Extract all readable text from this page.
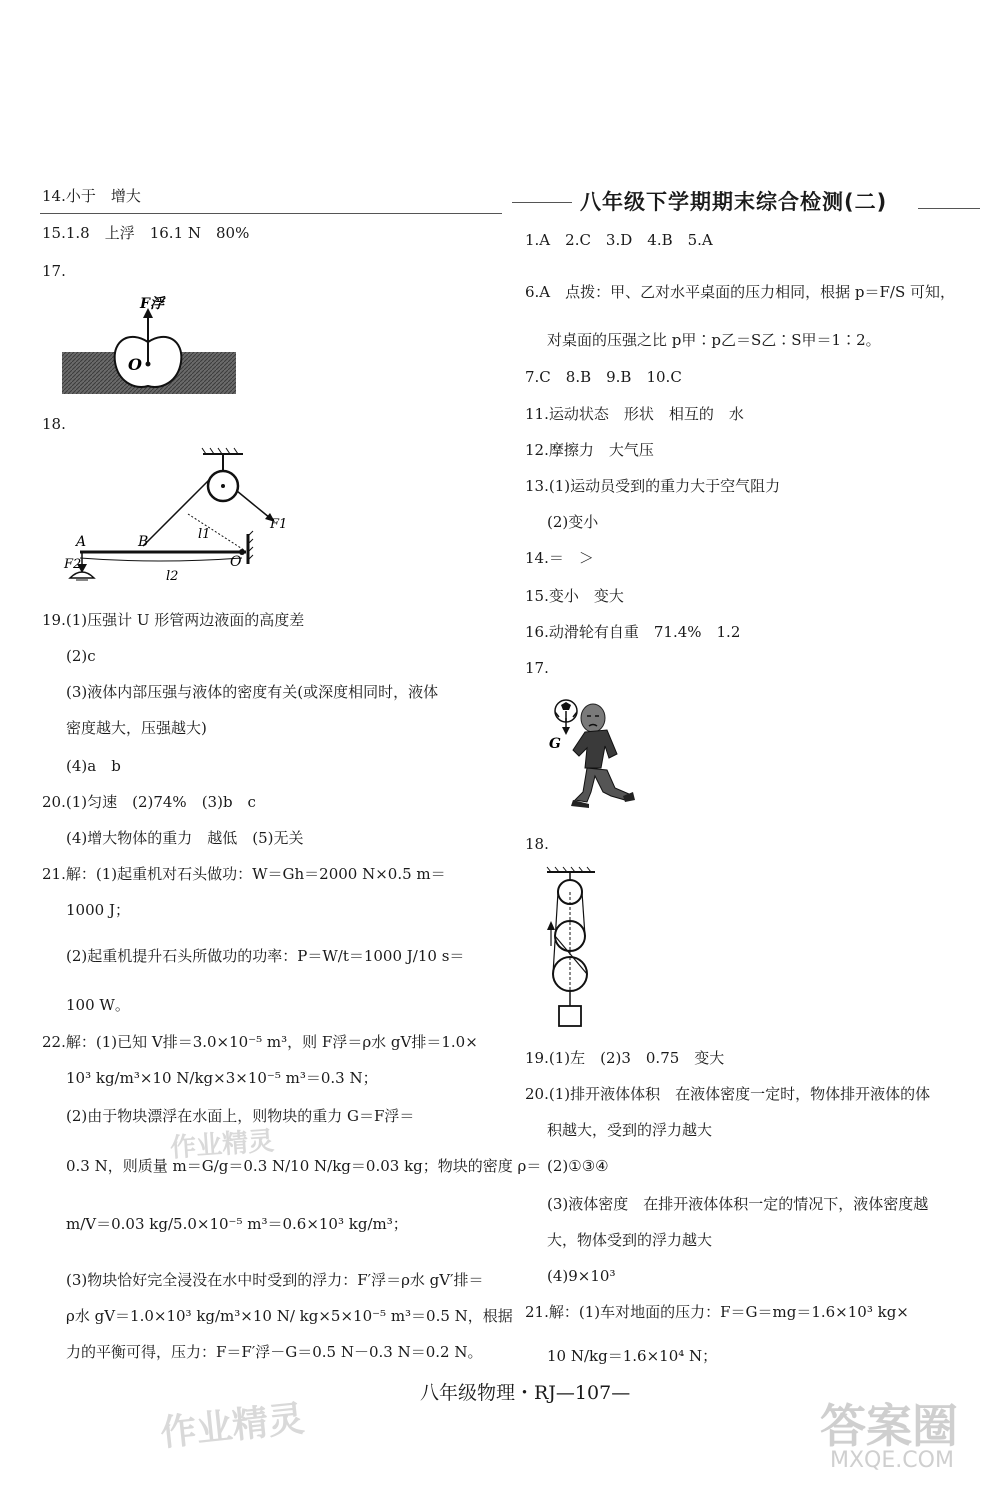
14.小于　增大
15.1.8　上浮　16.1 N　80%
17.
F浮
O
18.
A	B
O
F1
F2
l1
l2
19.(1)压强计 U 形管两边液面的高度差
(2)c
(3)液体内部压强与液体的密度有关(或深度相同时，液体
密度越大，压强越大)
(4)a　b
20.(1)匀速　(2)74%　(3)b　c
(4)增大物体的重力　越低　(5)无关
21.解：(1)起重机对石头做功：W＝Gh＝2000 N×0.5 m＝
1000 J；
(2)起重机提升石头所做功的功率：P＝W/t＝1000 J/10 s＝
100 W。
22.解：(1)已知 V排＝3.0×10⁻⁵ m³，则 F浮＝ρ水 gV排＝1.0×
10³ kg/m³×10 N/kg×3×10⁻⁵ m³＝0.3 N；
(2)由于物块漂浮在水面上，则物块的重力 G＝F浮＝
0.3 N，则质量 m＝G/g＝0.3 N/10 N/kg＝0.03 kg；物块的密度 ρ＝
m/V＝0.03 kg/5.0×10⁻⁵ m³＝0.6×10³ kg/m³；
(3)物块恰好完全浸没在水中时受到的浮力：F′浮＝ρ水 gV′排＝
ρ水 gV＝1.0×10³ kg/m³×10 N/ kg×5×10⁻⁵ m³＝0.5 N，根据
力的平衡可得，压力：F＝F′浮－G＝0.5 N－0.3 N＝0.2 N。
八年级下学期期末综合检测(二)
1.A　2.C　3.D　4.B　5.A
6.A　点拨：甲、乙对水平桌面的压力相同，根据 p＝F/S 可知，
对桌面的压强之比 p甲∶p乙＝S乙∶S甲＝1∶2。
7.C　8.B　9.B　10.C
11.运动状态　形状　相互的　水
12.摩擦力　大气压
13.(1)运动员受到的重力大于空气阻力
(2)变小
14.＝　＞
15.变小　变大
16.动滑轮有自重　71.4%　1.2
17.
G
18.
19.(1)左　(2)3　0.75　变大
20.(1)排开液体体积　在液体密度一定时，物体排开液体的体
积越大，受到的浮力越大
(2)①③④
(3)液体密度　在排开液体体积一定的情况下，液体密度越
大，物体受到的浮力越大
(4)9×10³
21.解：(1)车对地面的压力：F＝G＝mg＝1.6×10³ kg×
10 N/kg＝1.6×10⁴ N；
八年级物理・RJ—107—
作业精灵
作业精灵	答案圈
MXQE.COM
